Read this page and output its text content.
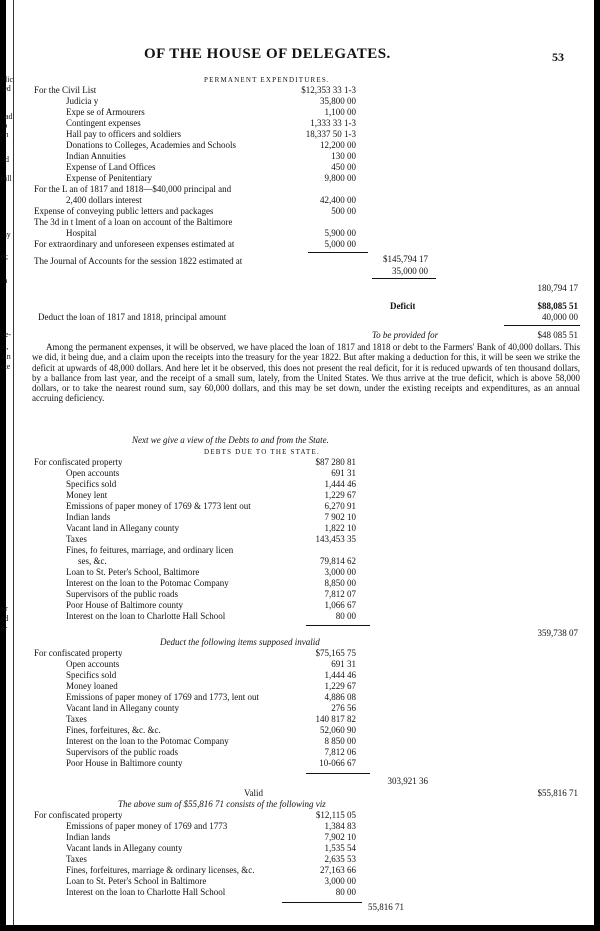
blic
ted
bad
to
ch
nd
bill
lay
rt;
in
oe-
st,
ain
ate
ur
ed
er
OF THE HOUSE OF DELEGATES.	53
PERMANENT EXPENDITURES.
For the Civil List	$12,353 33 1-3
Judicia y	35,800 00
Expe se of Armourers	1,100 00
Contingent expenses	1,333 33 1-3
Hall pay to officers and soldiers	18,337 50 1-3
Donations to Colleges, Academies and Schools	12,200 00
Indian Annuities	130 00
Expense of Land Offices	450 00
Expense of Penitentiary	9,800 00
For the L an of 1817 and 1818—$40,000 principal and
2,400 dollars interest	42,400 00
Expense of conveying public letters and packages	500 00
The 3d in t lment of a loan on account of the Baltimore
Hospital	5,900 00
For extraordinary and unforeseen expenses estimated at	5,000 00
The Journal of Accounts for the session 1822 estimated at	$145,794 17
35,000 00
180,794 17
Deficit	$88,085 51
Deduct the loan of 1817 and 1818, principal amount	40,000 00
To be provided for	$48 085 51
Among the permanent expenses, it will be observed, we have placed the loan of 1817 and 1818 or debt to the Farmers' Bank of 40,000 dollars. This we did, it being due, and a claim upon the receipts into the treasury for the year 1822. But after making a deduction for this, it will be seen we strike the deficit at upwards of 48,000 dollars. And here let it be observed, this does not present the real deficit, for it is reduced upwards of ten thousand dollars, by a ballance from last year, and the receipt of a small sum, lately, from the United States. We thus arrive at the true deficit, which is above 58,000 dollars, or to take the nearest round sum, say 60,000 dollars, and this may be set down, under the existing receipts and expenditures, as an annual accruing deficiency.
Next we give a view of the Debts to and from the State.
DEBTS DUE TO THE STATE.
For confiscated property	$87 280 81
Open accounts	691 31
Specifics sold	1,444 46
Money lent	1,229 67
Emissions of paper money of 1769 & 1773 lent out	6,270 91
Indian lands	7 902 10
Vacant land in Allegany county	1,822 10
Taxes	143,453 35
Fines, fo feitures, marriage, and ordinary licen
ses, &c.	79,814 62
Loan to St. Peter's School, Baltimore	3,000 00
Interest on the loan to the Potomac Company	8,850 00
Supervisors of the public roads	7,812 07
Poor House of Baltimore county	1,066 67
Interest on the loan to Charlotte Hall School	80 00
359,738 07
Deduct the following items supposed invalid
For confiscated property	$75,165 75
Open accounts	691 31
Specifics sold	1,444 46
Money loaned	1,229 67
Emissions of paper money of 1769 and 1773, lent out	4,886 08
Vacant land in Allegany county	276 56
Taxes	140 817 82
Fines, forfeitures, &c. &c.	52,060 90
Interest on the loan to the Potomac Company	8 850 00
Supervisors of the public roads	7,812 06
Poor House in Baltimore county	10-066 67
303,921 36
Valid	$55,816 71
The above sum of $55,816 71 consists of the following viz
For confiscated property	$12,115 05
Emissions of paper money of 1769 and 1773	1,384 83
Indian lands	7,902 10
Vacant lands in Allegany county	1,535 54
Taxes	2,635 53
Fines, forfeitures, marriage & ordinary licenses, &c.	27,163 66
Loan to St. Peter's School in Baltimore	3,000 00
Interest on the loan to Charlotte Hall School	80 00
55,816 71
